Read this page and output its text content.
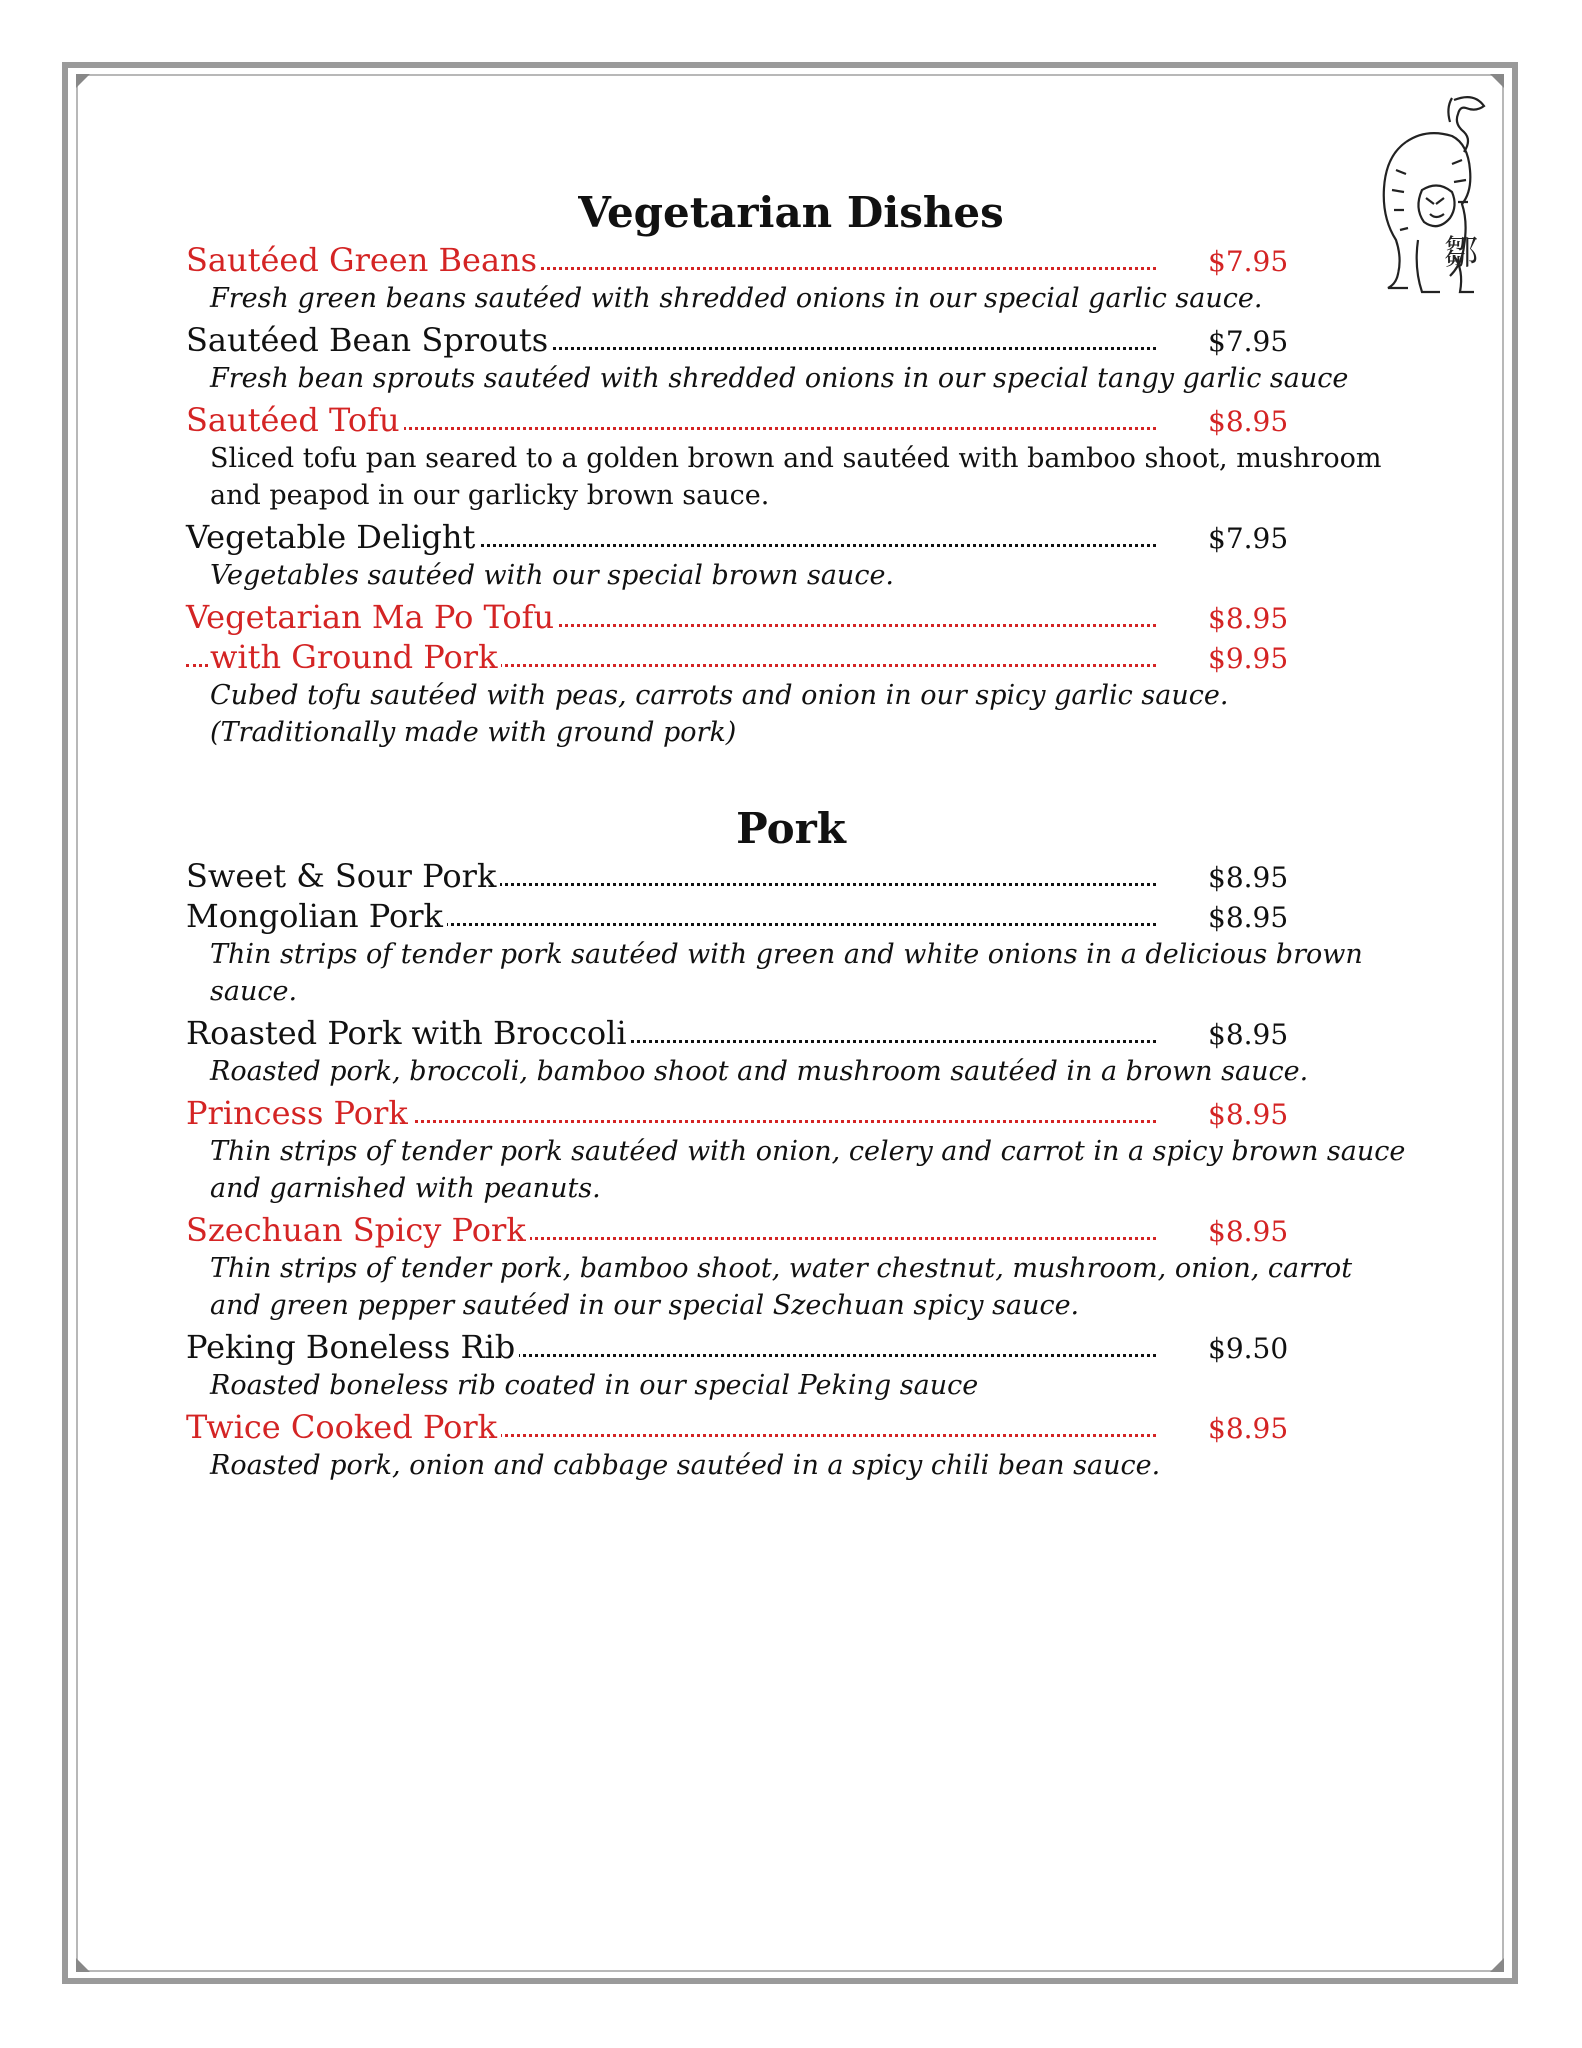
鄒
Vegetarian Dishes
Sautéed Green Beans	$7.95

Fresh green beans sautéed with shredded onions in our special garlic sauce.

Sautéed Bean Sprouts	$7.95

Fresh bean sprouts sautéed with shredded onions in our special tangy garlic sauce

Sautéed Tofu	$8.95

Sliced tofu pan seared to a golden brown and sautéed with bamboo shoot, mushroom and peapod in our garlicky brown sauce.

Vegetable Delight	$7.95

Vegetables sautéed with our special brown sauce.

Vegetarian Ma Po Tofu	$8.95
with Ground Pork	$9.95

Cubed tofu sautéed with peas, carrots and onion in our spicy garlic sauce. (Traditionally made with ground pork)

Pork
Sweet & Sour Pork	$8.95
Mongolian Pork	$8.95

Thin strips of tender pork sautéed with green and white onions in a delicious brown sauce.

Roasted Pork with Broccoli	$8.95

Roasted pork, broccoli, bamboo shoot and mushroom sautéed in a brown sauce.

Princess Pork	$8.95

Thin strips of tender pork sautéed with onion, celery and carrot in a spicy brown sauce and garnished with peanuts.

Szechuan Spicy Pork	$8.95

Thin strips of tender pork, bamboo shoot, water chestnut, mushroom, onion, carrot and green pepper sautéed in our special Szechuan spicy sauce.

Peking Boneless Rib	$9.50

Roasted boneless rib coated in our special Peking sauce

Twice Cooked Pork	$8.95

Roasted pork, onion and cabbage sautéed in a spicy chili bean sauce.
